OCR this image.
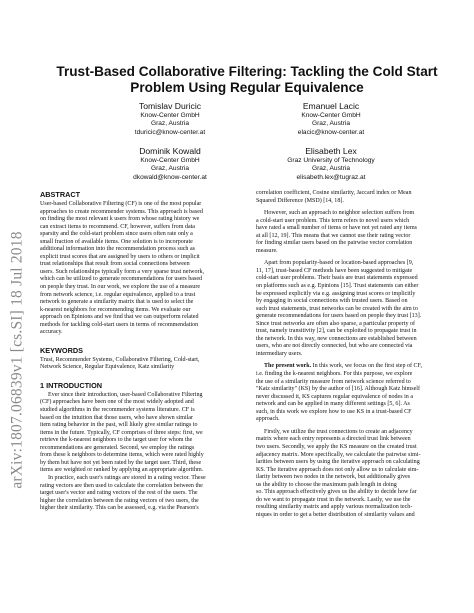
arXiv:1807.06839v1 [cs.SI] 18 Jul 2018
Trust-Based Collaborative Filtering: Tackling the Cold Start
Problem Using Regular Equivalence
Tomislav Duricic
Know-Center GmbH
Graz, Austria
tduricic@know-center.at
Emanuel Lacic
Know-Center GmbH
Graz, Austria
elacic@know-center.at
Dominik Kowald
Know-Center GmbH
Graz, Austria
dkowald@know-center.at
Elisabeth Lex
Graz University of Technology
Graz, Austria
elisabeth.lex@tugraz.at
ABSTRACT
User-based Collaborative Filtering (CF) is one of the most popular
approaches to create recommender systems. This approach is based
on finding the most relevant k users from whose rating history we
can extract items to recommend. CF, however, suffers from data
sparsity and the cold-start problem since users often rate only a
small fraction of available items. One solution is to incorporate
additional information into the recommendation process such as
explicit trust scores that are assigned by users to others or implicit
trust relationships that result from social connections between
users. Such relationships typically form a very sparse trust network,
which can be utilized to generate recommendations for users based
on people they trust. In our work, we explore the use of a measure
from network science, i.e. regular equivalence, applied to a trust
network to generate a similarity matrix that is used to select the
k-nearest neighbors for recommending items. We evaluate our
approach on Epinions and we find that we can outperform related
methods for tackling cold-start users in terms of recommendation
accuracy.
KEYWORDS
Trust, Recommender Systems, Collaborative Filtering, Cold-start,
Network Science, Regular Equivalence, Katz similarity
1 INTRODUCTION
Ever since their introduction, user-based Collaborative Filtering
(CF) approaches have been one of the most widely adopted and
studied algorithms in the recommender systems literature. CF is
based on the intuition that those users, who have shown similar
item rating behavior in the past, will likely give similar ratings to
items in the future. Typically, CF comprises of three steps: first, we
retrieve the k-nearest neighbors to the target user for whom the
recommendations are generated. Second, we employ the ratings
from these k neighbors to determine items, which were rated highly
by them but have not yet been rated by the target user. Third, these
items are weighted or ranked by applying an appropriate algorithm.
In practice, each user's ratings are stored in a rating vector. These
rating vectors are then used to calculate the correlation between the
target user's vector and rating vectors of the rest of the users. The
higher the correlation between the rating vectors of two users, the
higher their similarity. This can be assessed, e.g. via the Pearson's
correlation coefficient, Cosine similarity, Jaccard index or Mean
Squared Difference (MSD) [14, 18].
However, such an approach to neighbor selection suffers from
a cold-start user problem. This term refers to novel users which
have rated a small number of items or have not yet rated any items
at all [12, 19]. This means that we cannot use their rating vector
for finding similar users based on the pairwise vector correlation
measure.
Apart from popularity-based or location-based approaches [9,
11, 17], trust-based CF methods have been suggested to mitigate
cold-start user problems. Their basis are trust statements expressed
on platforms such as e.g. Epinions [15]. Trust statements can either
be expressed explicitly via e.g. assigning trust scores or implicitly
by engaging in social connections with trusted users. Based on
such trust statements, trust networks can be created with the aim to
generate recommendations for users based on people they trust [13].
Since trust networks are often also sparse, a particular property of
trust, namely transitivity [2], can be exploited to propagate trust in
the network. In this way, new connections are established between
users, who are not directly connected, but who are connected via
intermediary users.
The present work. In this work, we focus on the first step of CF,
i.e. finding the k-nearest neighbors. For this purpose, we explore
the use of a similarity measure from network science referred to
"Katz similarity" (KS) by the author of [16]. Although Katz himself
never discussed it, KS captures regular equivalence of nodes in a
network and can be applied in many different settings [5, 6]. As
such, in this work we explore how to use KS in a trust-based CF
approach.
Firstly, we utilize the trust connections to create an adjacency
matrix where each entry represents a directed trust link between
two users. Secondly, we apply the KS measure on the created trust
adjacency matrix. More specifically, we calculate the pairwise simi-
larities between users by using the iterative approach on calculating
KS. The iterative approach does not only allow us to calculate sim-
ilarity between two nodes in the network, but additionally gives
us the ability to choose the maximum path length in doing
so. This approach effectively gives us the ability to decide how far
do we want to propagate trust in the network. Lastly, we use the
resulting similarity matrix and apply various normalization tech-
niques in order to get a better distribution of similarity values and
